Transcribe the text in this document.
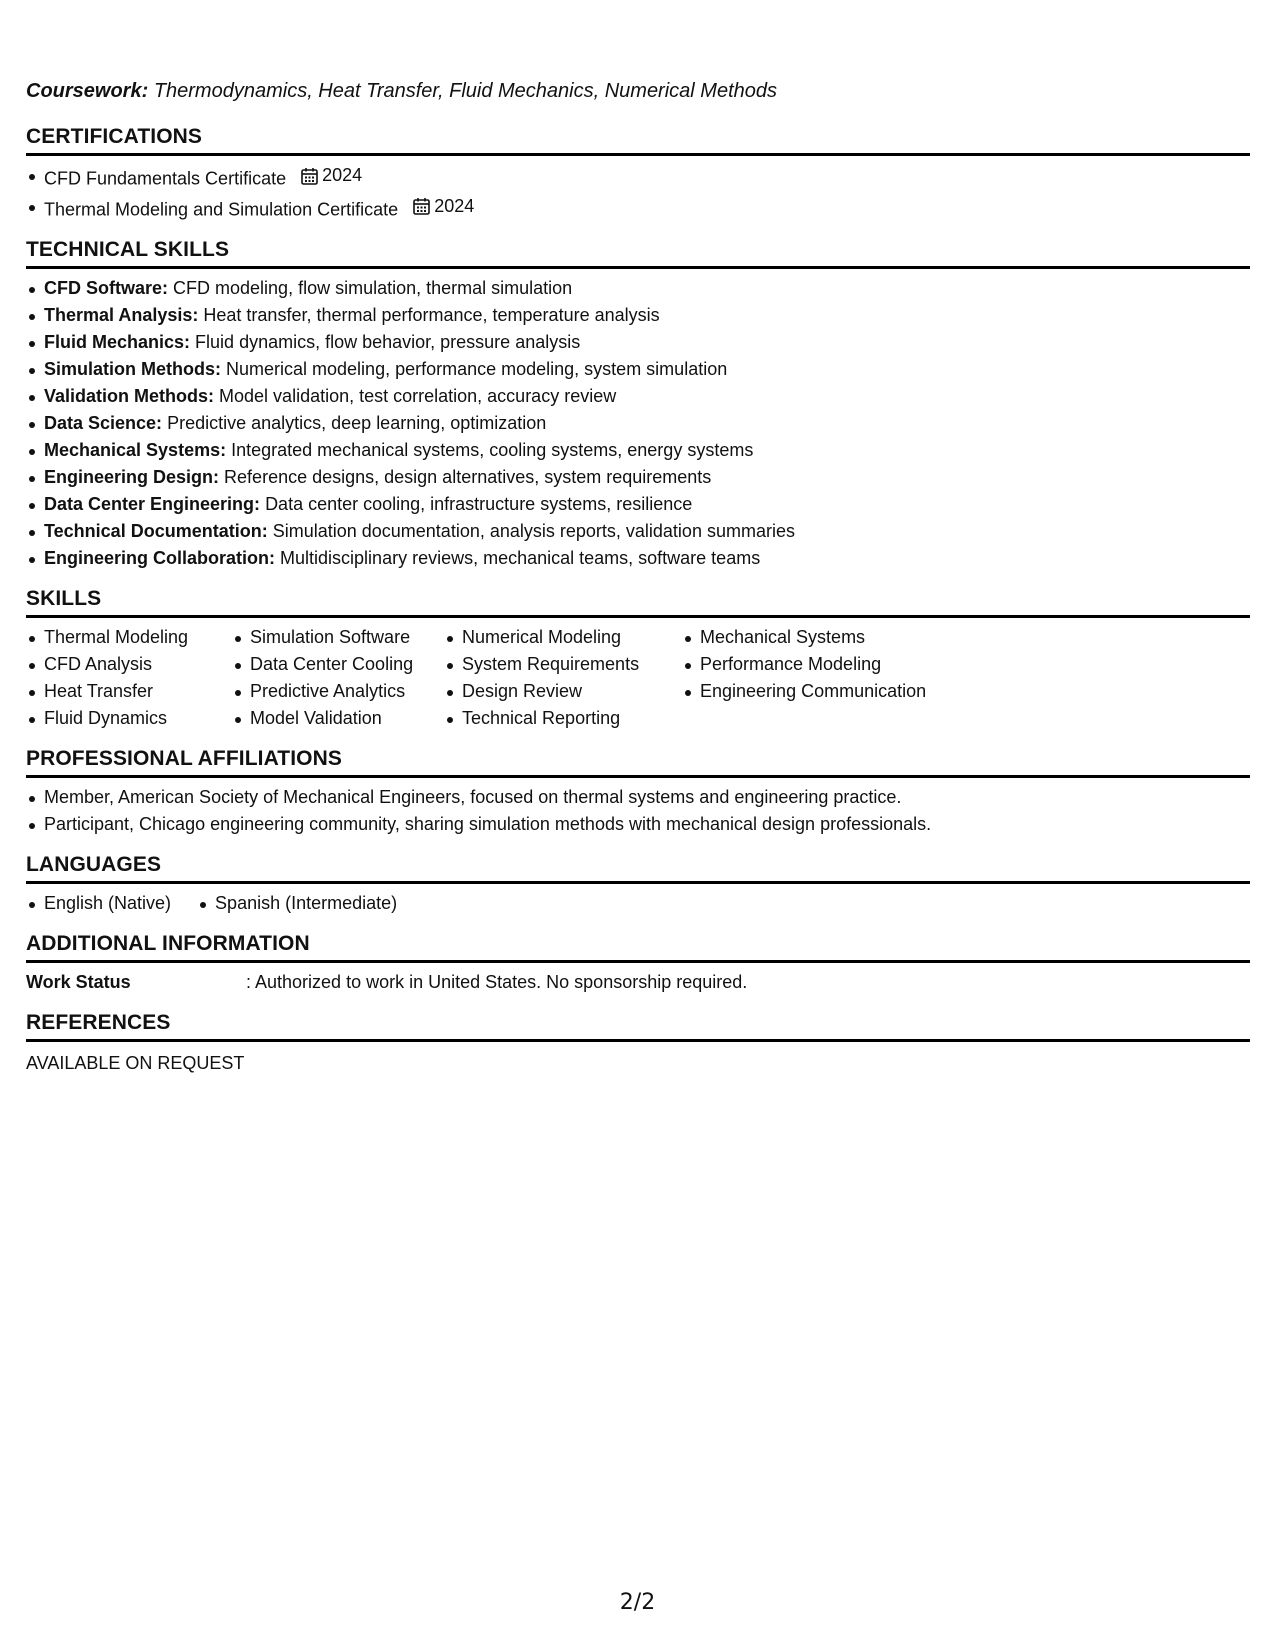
Coursework: Thermodynamics, Heat Transfer, Fluid Mechanics, Numerical Methods
CERTIFICATIONS
CFD Fundamentals Certificate 2024
Thermal Modeling and Simulation Certificate 2024
TECHNICAL SKILLS
CFD Software: CFD modeling, flow simulation, thermal simulation
Thermal Analysis: Heat transfer, thermal performance, temperature analysis
Fluid Mechanics: Fluid dynamics, flow behavior, pressure analysis
Simulation Methods: Numerical modeling, performance modeling, system simulation
Validation Methods: Model validation, test correlation, accuracy review
Data Science: Predictive analytics, deep learning, optimization
Mechanical Systems: Integrated mechanical systems, cooling systems, energy systems
Engineering Design: Reference designs, design alternatives, system requirements
Data Center Engineering: Data center cooling, infrastructure systems, resilience
Technical Documentation: Simulation documentation, analysis reports, validation summaries
Engineering Collaboration: Multidisciplinary reviews, mechanical teams, software teams
SKILLS
Thermal Modeling
CFD Analysis
Heat Transfer
Fluid Dynamics
Simulation Software
Data Center Cooling
Predictive Analytics
Model Validation
Numerical Modeling
System Requirements
Design Review
Technical Reporting
Mechanical Systems
Performance Modeling
Engineering Communication
PROFESSIONAL AFFILIATIONS
Member, American Society of Mechanical Engineers, focused on thermal systems and engineering practice.
Participant, Chicago engineering community, sharing simulation methods with mechanical design professionals.
LANGUAGES
English (Native) Spanish (Intermediate)
ADDITIONAL INFORMATION
Work Status	: Authorized to work in United States. No sponsorship required.
REFERENCES
AVAILABLE ON REQUEST
2/2
